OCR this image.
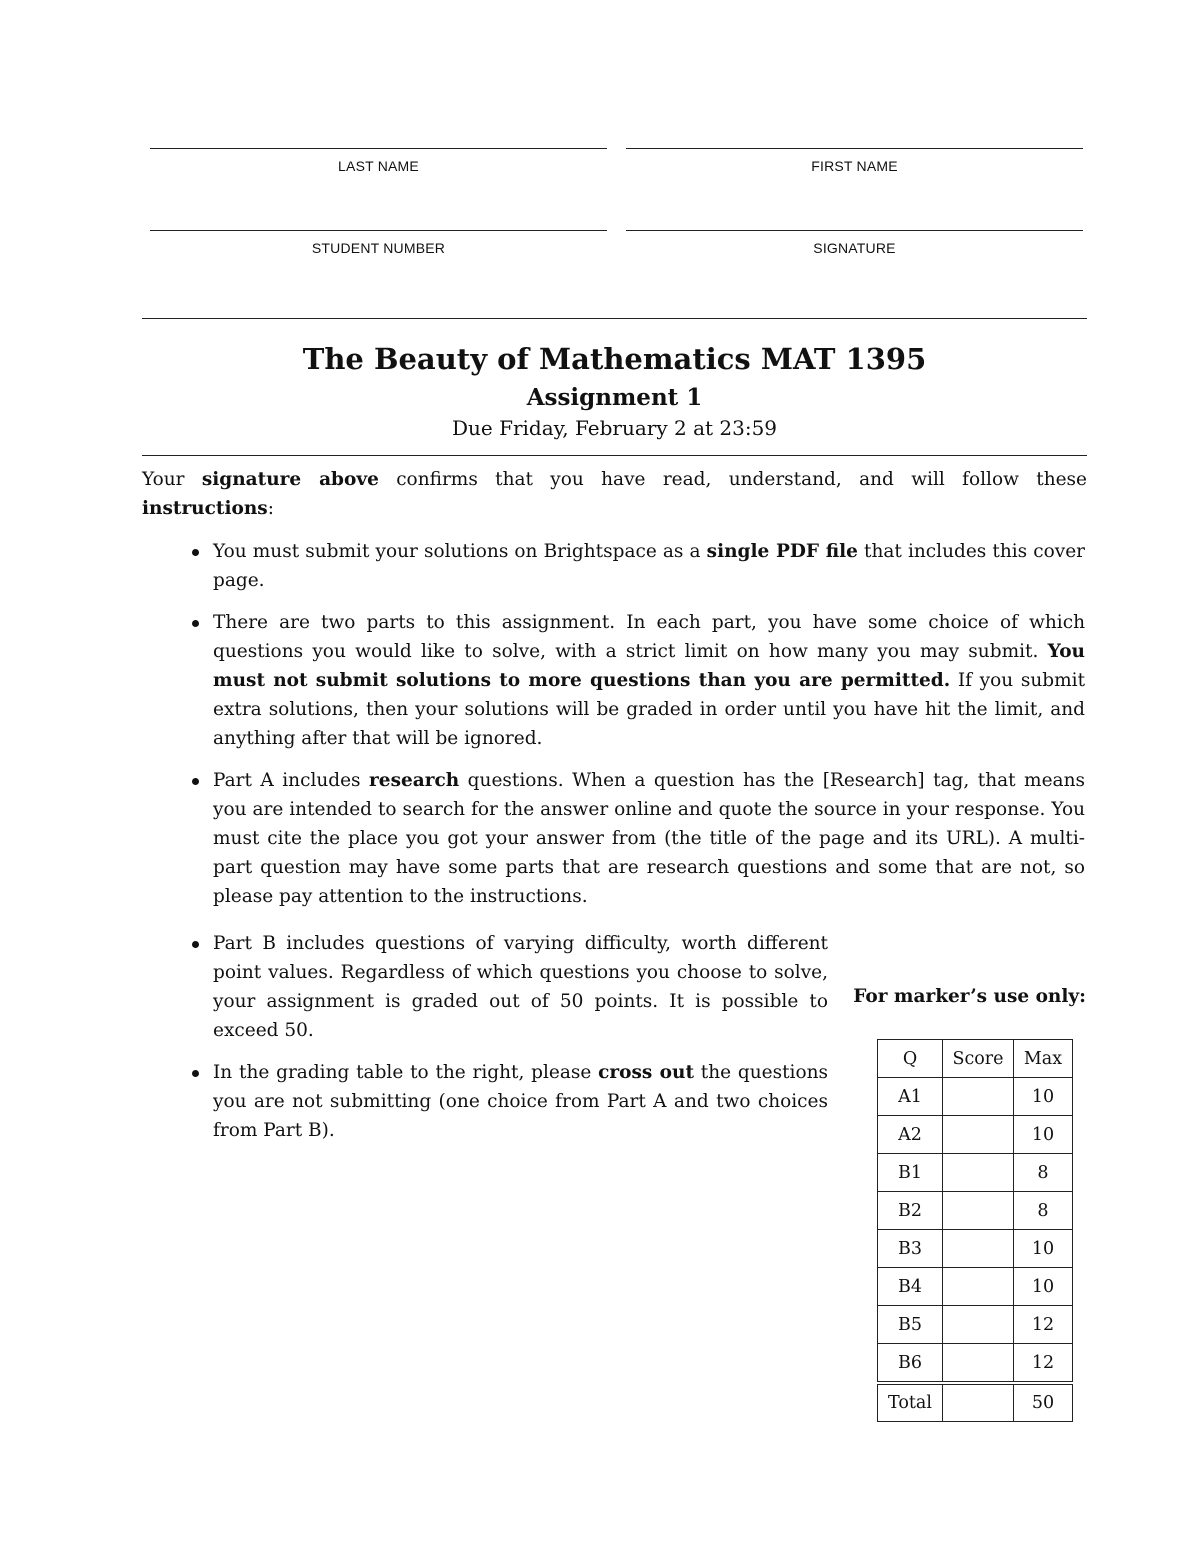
LAST NAME	FIRST NAME
STUDENT NUMBER	SIGNATURE
The Beauty of Mathematics MAT 1395
Assignment 1
Due Friday, February 2 at 23:59
Your signature above confirms that you have read, understand, and will follow these instructions:
You must submit your solutions on Brightspace as a single PDF file that includes this cover page.
There are two parts to this assignment. In each part, you have some choice of which questions you would like to solve, with a strict limit on how many you may submit. You must not submit solutions to more questions than you are permitted. If you submit extra solutions, then your solutions will be graded in order until you have hit the limit, and anything after that will be ignored.
Part A includes research questions. When a question has the [Research] tag, that means you are intended to search for the answer online and quote the source in your response. You must cite the place you got your answer from (the title of the page and its URL). A multi-part question may have some parts that are research questions and some that are not, so please pay attention to the instructions.
Part B includes questions of varying difficulty, worth different point values. Regardless of which questions you choose to solve, your assignment is graded out of 50 points. It is possible to exceed 50.
In the grading table to the right, please cross out the questions you are not submitting (one choice from Part A and two choices from Part B).
For marker’s use only:
Q	Score	Max
A1		10
A2		10
B1		8
B2		8
B3		10
B4		10
B5		12
B6		12
Total		50
